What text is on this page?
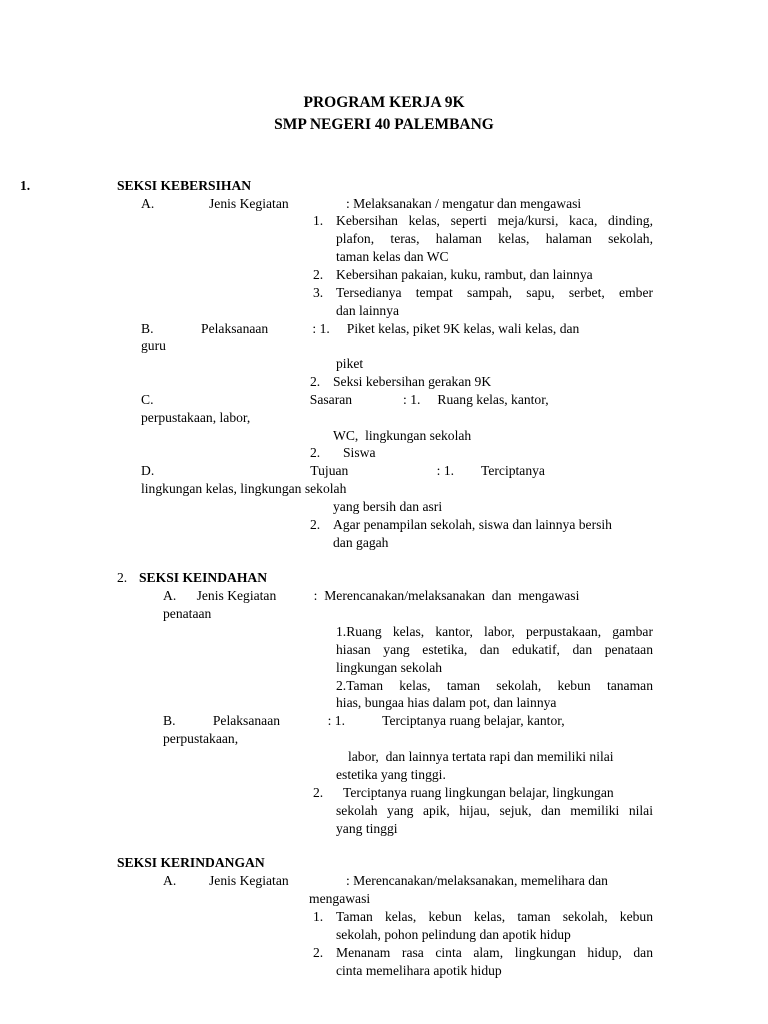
PROGRAM KERJA 9K
SMP NEGERI 40 PALEMBANG
1.	SEKSI KEBERSIHAN
A.	Jenis Kegiatan	: Melaksanakan / mengatur dan mengawasi
1. Kebersihan kelas, seperti meja/kursi, kaca, dinding,
plafon, teras, halaman kelas, halaman sekolah,
taman kelas dan WC
2. Kebersihan pakaian, kuku, rambut, dan lainnya
3. Tersedianya tempat sampah, sapu, serbet, ember
dan lainnya
B.              Pelaksanaan             : 1.     Piket kelas, piket 9K kelas, wali kelas, dan
guru
piket
2. Seksi kebersihan gerakan 9K
C.                                              Sasaran               : 1.     Ruang kelas, kantor,
perpustakaan, labor,
WC,  lingkungan sekolah
2. Siswa
D.                                              Tujuan                          : 1.        Terciptanya
lingkungan kelas, lingkungan sekolah
yang bersih dan asri
2. Agar penampilan sekolah, siswa dan lainnya bersih
dan gagah
2. SEKSI KEINDAHAN
A.      Jenis Kegiatan           :  Merencanakan/melaksanakan  dan  mengawasi
penataan
1.Ruang kelas, kantor, labor, perpustakaan, gambar
hiasan yang estetika, dan edukatif, dan penataan
lingkungan sekolah
2.Taman kelas, taman sekolah, kebun tanaman
hias, bungaa hias dalam pot, dan lainnya
B.           Pelaksanaan              : 1.           Terciptanya ruang belajar, kantor,
perpustakaan,
labor,  dan lainnya tertata rapi dan memiliki nilai
estetika yang tinggi.
2. Terciptanya ruang lingkungan belajar, lingkungan
sekolah yang apik, hijau, sejuk, dan memiliki nilai
yang tinggi
SEKSI KERINDANGAN
A. Jenis Kegiatan	: Merencanakan/melaksanakan, memelihara dan
mengawasi
1. Taman kelas, kebun kelas, taman sekolah, kebun
sekolah, pohon pelindung dan apotik hidup
2. Menanam rasa cinta alam, lingkungan hidup, dan
cinta memelihara apotik hidup
